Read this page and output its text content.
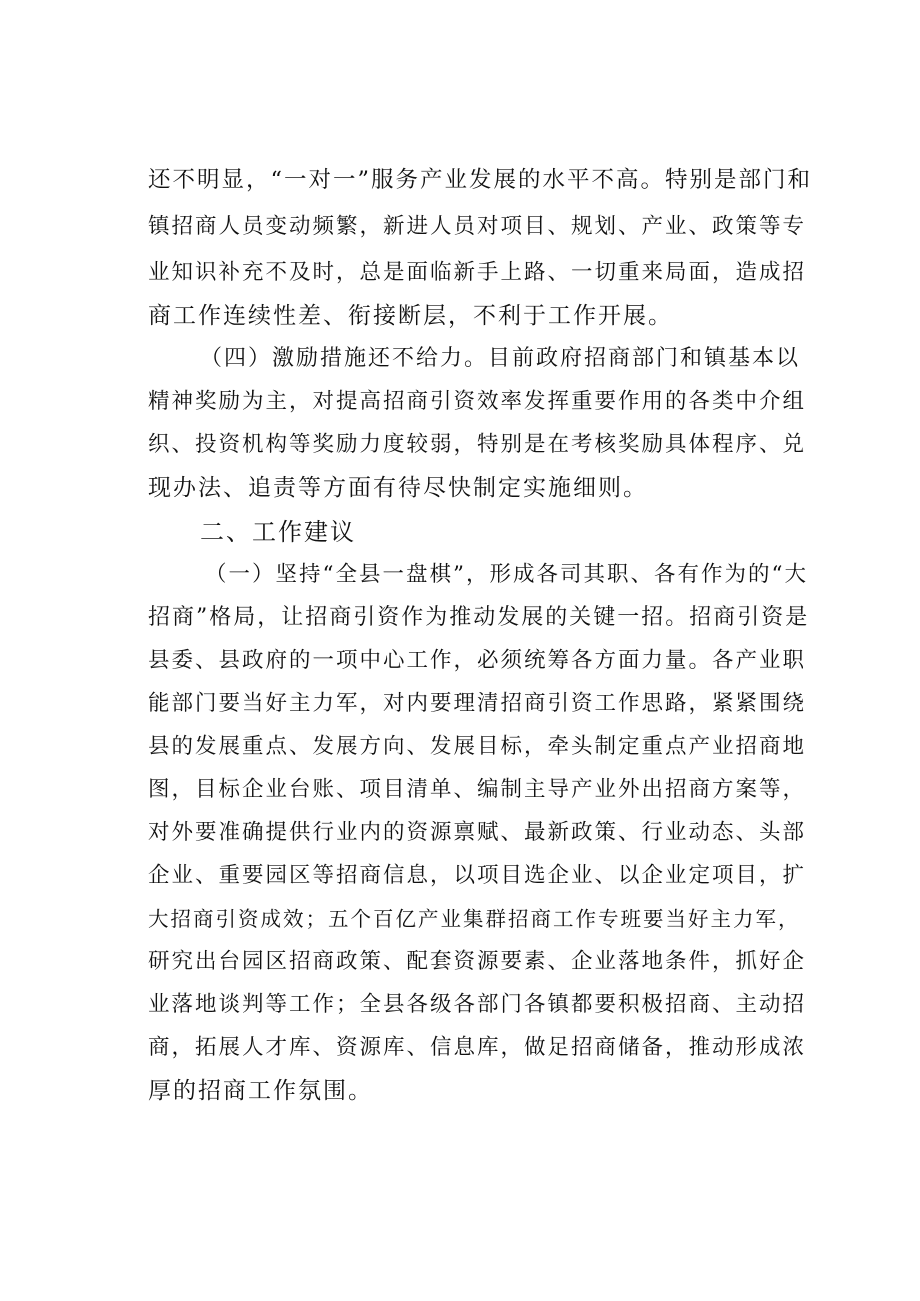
还不明显，“一对一”服务产业发展的水平不高。特别是部门和
镇招商人员变动频繁，新进人员对项目、规划、产业、政策等专
业知识补充不及时，总是面临新手上路、一切重来局面，造成招
商工作连续性差、衔接断层，不利于工作开展。
（四）激励措施还不给力。目前政府招商部门和镇基本以
精神奖励为主，对提高招商引资效率发挥重要作用的各类中介组
织、投资机构等奖励力度较弱，特别是在考核奖励具体程序、兑
现办法、追责等方面有待尽快制定实施细则。
二、工作建议
（一）坚持“全县一盘棋”，形成各司其职、各有作为的“大
招商”格局，让招商引资作为推动发展的关键一招。招商引资是
县委、县政府的一项中心工作，必须统筹各方面力量。各产业职
能部门要当好主力军，对内要理清招商引资工作思路，紧紧围绕
县的发展重点、发展方向、发展目标，牵头制定重点产业招商地
图，目标企业台账、项目清单、编制主导产业外出招商方案等，
对外要准确提供行业内的资源禀赋、最新政策、行业动态、头部
企业、重要园区等招商信息，以项目选企业、以企业定项目，扩
大招商引资成效；五个百亿产业集群招商工作专班要当好主力军，
研究出台园区招商政策、配套资源要素、企业落地条件，抓好企
业落地谈判等工作；全县各级各部门各镇都要积极招商、主动招
商，拓展人才库、资源库、信息库，做足招商储备，推动形成浓
厚的招商工作氛围。
